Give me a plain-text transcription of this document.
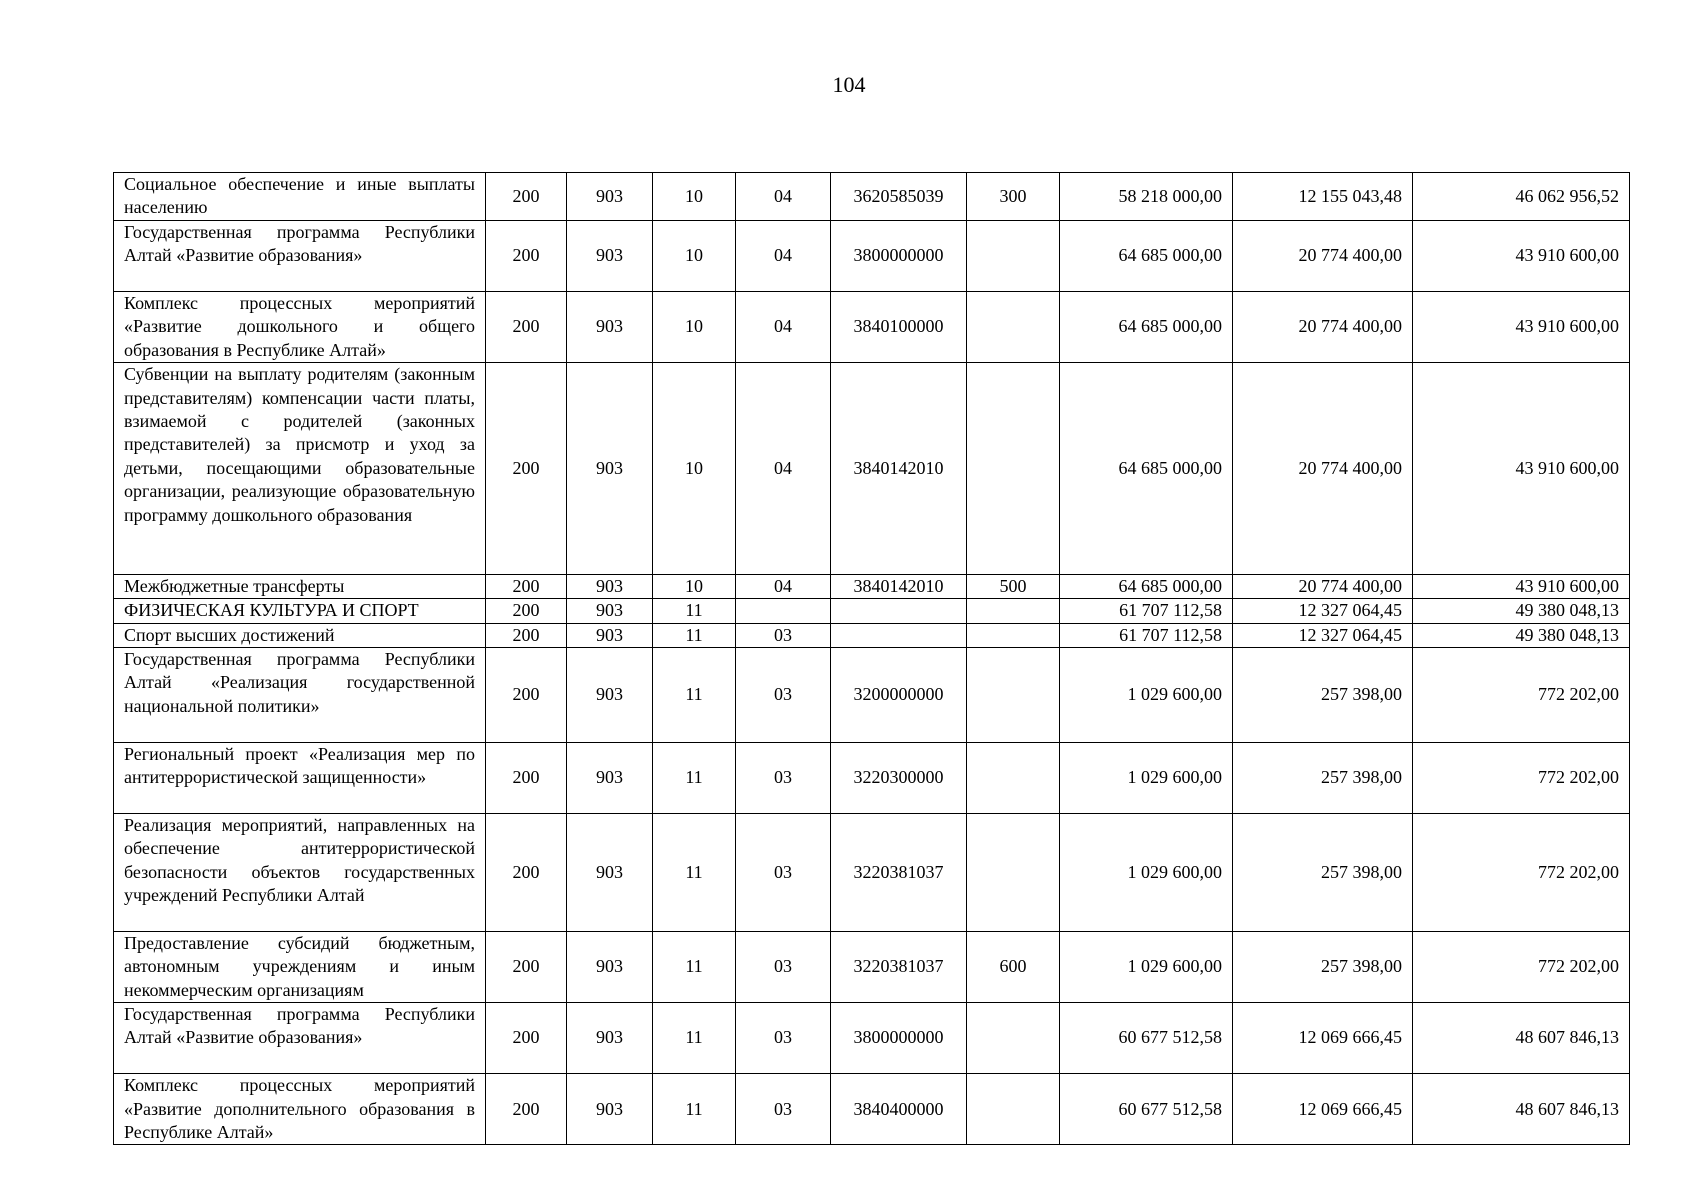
104
Социальное обеспечение и иные выплаты населению	200	903	10	04	3620585039	300	58 218 000,00	12 155 043,48	46 062 956,52
Государственная программа Республики Алтай «Развитие образования»	200	903	10	04	3800000000		64 685 000,00	20 774 400,00	43 910 600,00
Комплекс процессных мероприятий «Развитие дошкольного и общего образования в Республике Алтай»	200	903	10	04	3840100000		64 685 000,00	20 774 400,00	43 910 600,00
Субвенции на выплату родителям (законным представителям) компенсации части платы, взимаемой с родителей (законных представителей) за присмотр и уход за детьми, посещающими образовательные организации, реализующие образовательную программу дошкольного образования	200	903	10	04	3840142010		64 685 000,00	20 774 400,00	43 910 600,00
Межбюджетные трансферты	200	903	10	04	3840142010	500	64 685 000,00	20 774 400,00	43 910 600,00
ФИЗИЧЕСКАЯ КУЛЬТУРА И СПОРТ	200	903	11				61 707 112,58	12 327 064,45	49 380 048,13
Спорт высших достижений	200	903	11	03			61 707 112,58	12 327 064,45	49 380 048,13
Государственная программа Республики Алтай «Реализация государственной национальной политики»	200	903	11	03	3200000000		1 029 600,00	257 398,00	772 202,00
Региональный проект «Реализация мер по антитеррористической защищенности»	200	903	11	03	3220300000		1 029 600,00	257 398,00	772 202,00
Реализация мероприятий, направленных на обеспечение антитеррористической безопасности объектов государственных учреждений Республики Алтай	200	903	11	03	3220381037		1 029 600,00	257 398,00	772 202,00
Предоставление субсидий бюджетным, автономным учреждениям и иным некоммерческим организациям	200	903	11	03	3220381037	600	1 029 600,00	257 398,00	772 202,00
Государственная программа Республики Алтай «Развитие образования»	200	903	11	03	3800000000		60 677 512,58	12 069 666,45	48 607 846,13
Комплекс процессных мероприятий «Развитие дополнительного образования в Республике Алтай»	200	903	11	03	3840400000		60 677 512,58	12 069 666,45	48 607 846,13
